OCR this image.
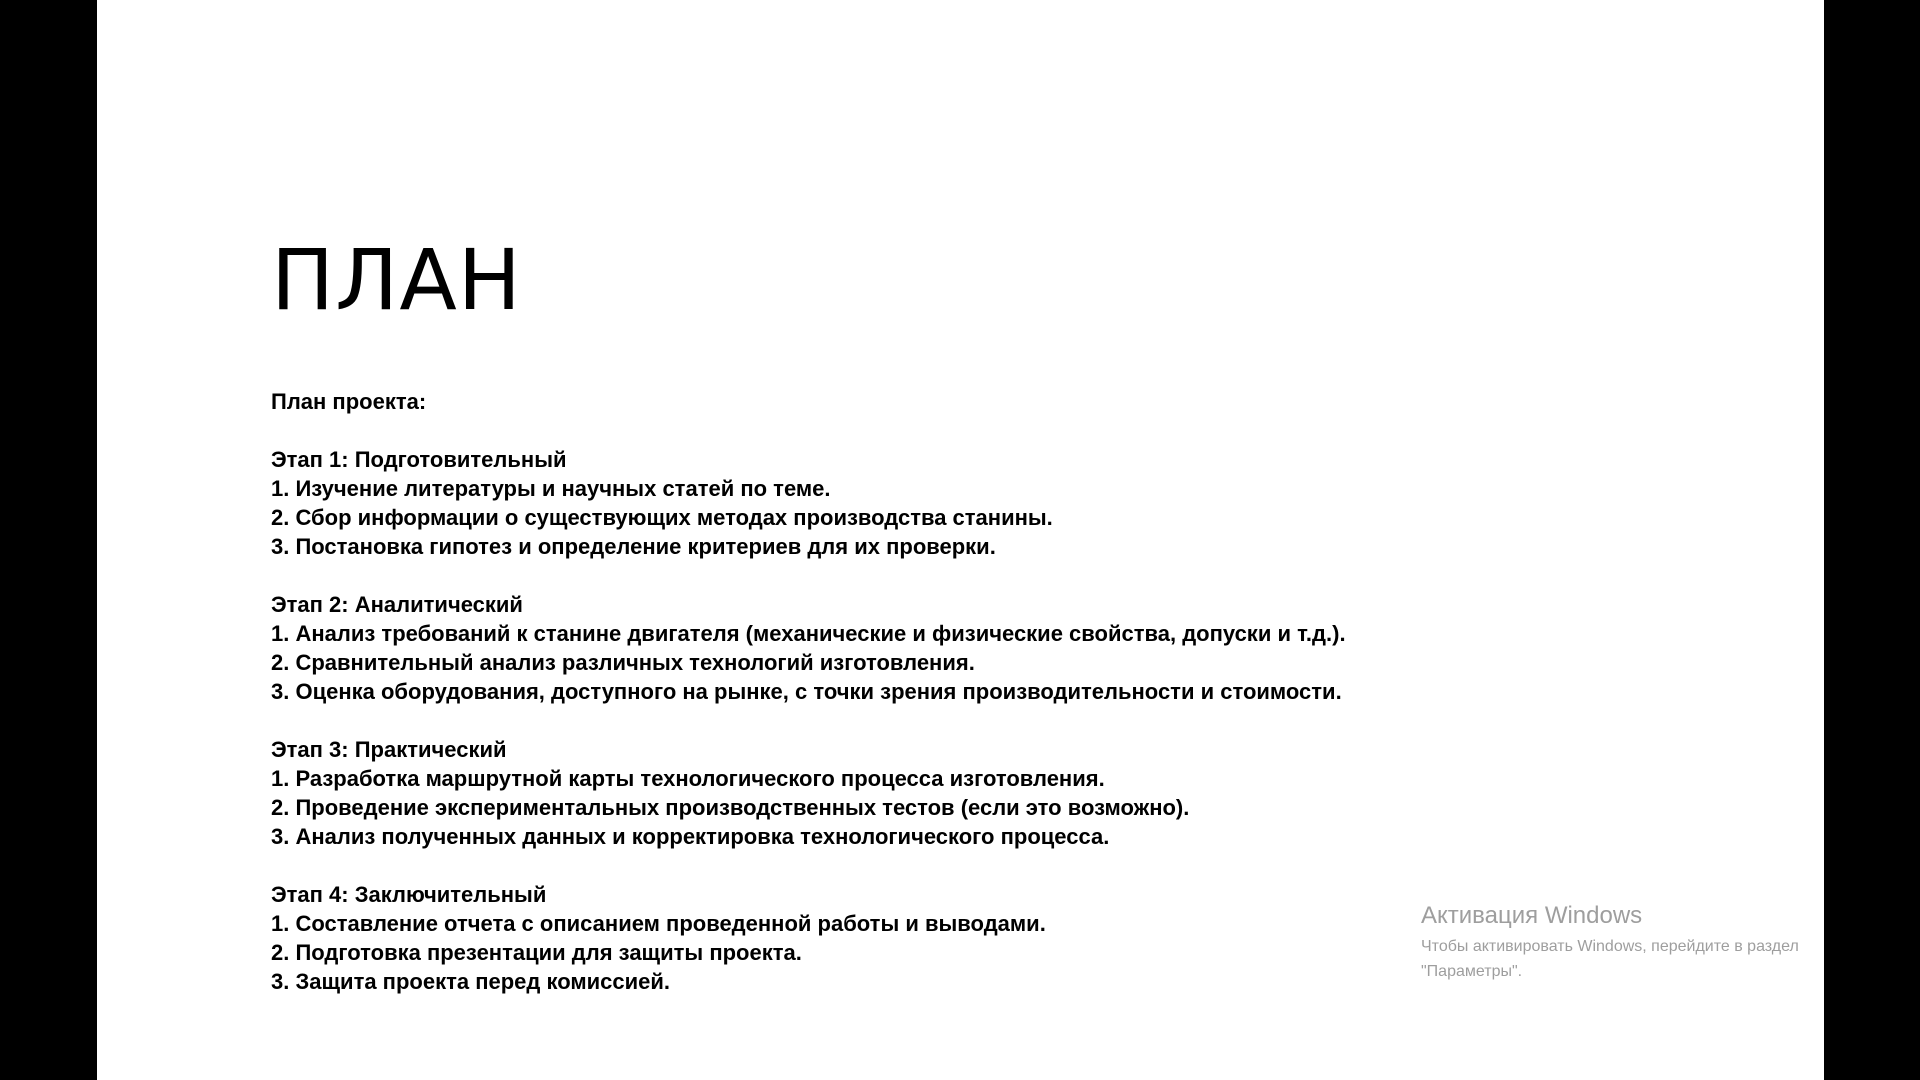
ПЛАН
План проекта:
Этап 1: Подготовительный
1. Изучение литературы и научных статей по теме.
2. Сбор информации о существующих методах производства станины.
3. Постановка гипотез и определение критериев для их проверки.
Этап 2: Аналитический
1. Анализ требований к станине двигателя (механические и физические свойства, допуски и т.д.).
2. Сравнительный анализ различных технологий изготовления.
3. Оценка оборудования, доступного на рынке, с точки зрения производительности и стоимости.
Этап 3: Практический
1. Разработка маршрутной карты технологического процесса изготовления.
2. Проведение экспериментальных производственных тестов (если это возможно).
3. Анализ полученных данных и корректировка технологического процесса.
Этап 4: Заключительный
1. Составление отчета с описанием проведенной работы и выводами.
2. Подготовка презентации для защиты проекта.
3. Защита проекта перед комиссией.
Активация Windows
Чтобы активировать Windows, перейдите в раздел
"Параметры".
